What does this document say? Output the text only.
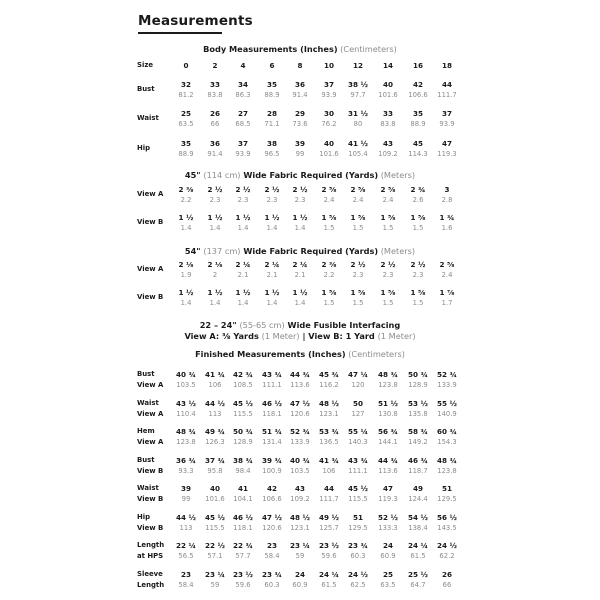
Measurements
Body Measurements (Inches) (Centimeters)
45" (114 cm) Wide Fabric Required (Yards) (Meters)
54" (137 cm) Wide Fabric Required (Yards) (Meters)
22 – 24" (55-65 cm) Wide Fusible Interfacing
View A: ⅜ Yards (1 Meter) | View B: 1 Yard (1 Meter)
Finished Measurements (Inches) (Centimeters)
Size	0	2	4	6	8	10	12	14	16	18
Bust	32	33	34	35	36	37	38 ½	40	42	44
81.2	83.8	86.3	88.9	91.4	93.9	97.7	101.6	106.6	111.7
Waist	25	26	27	28	29	30	31 ½	33	35	37
63.5	66	68.5	71.1	73.6	76.2	80	83.8	88.9	93.9
Hip	35	36	37	38	39	40	41 ½	43	45	47
88.9	91.4	93.9	96.5	99	101.6	105.4	109.2	114.3	119.3
View A	2 ⅜	2 ½	2 ½	2 ½	2 ½	2 ⅝	2 ⅝	2 ⅝	2 ¾	3
2.2	2.3	2.3	2.3	2.3	2.4	2.4	2.4	2.6	2.8
View B	1 ½	1 ½	1 ½	1 ½	1 ½	1 ⅝	1 ⅝	1 ⅝	1 ⅝	1 ¾
1.4	1.4	1.4	1.4	1.4	1.5	1.5	1.5	1.5	1.6
View A	2 ⅛	2 ⅛	2 ¼	2 ¼	2 ¼	2 ⅜	2 ½	2 ½	2 ½	2 ⅝
1.9	2	2.1	2.1	2.1	2.2	2.3	2.3	2.3	2.4
View B	1 ½	1 ½	1 ½	1 ½	1 ½	1 ⅝	1 ⅝	1 ⅝	1 ⅝	1 ⅞
1.4	1.4	1.4	1.4	1.4	1.5	1.5	1.5	1.5	1.7
Bust
View A
40 ¾	41 ¾	42 ¾	43 ¾	44 ¾	45 ¾	47 ¼	48 ¾	50 ¾	52 ¾
103.5	106	108.5	111.1	113.6	116.2	120	123.8	128.9	133.9
Waist
View A
43 ½	44 ½	45 ½	46 ½	47 ½	48 ½	50	51 ½	53 ½	55 ½
110.4	113	115.5	118.1	120.6	123.1	127	130.8	135.8	140.9
Hem
View A
48 ¾	49 ¾	50 ¾	51 ¾	52 ¾	53 ¾	55 ¼	56 ¾	58 ¾	60 ¾
123.8	126.3	128.9	131.4	133.9	136.5	140.3	144.1	149.2	154.3
Bust
View B
36 ¾	37 ¾	38 ¾	39 ¾	40 ¾	41 ¾	43 ¾	44 ¾	46 ¾	48 ¾
93.3	95.8	98.4	100.9	103.5	106	111.1	113.6	118.7	123.8
Waist
View B
39	40	41	42	43	44	45 ½	47	49	51
99	101.6	104.1	106.6	109.2	111.7	115.5	119.3	124.4	129.5
Hip
View B
44 ½	45 ½	46 ½	47 ½	48 ½	49 ½	51	52 ½	54 ½	56 ½
113	115.5	118.1	120.6	123.1	125.7	129.5	133.3	138.4	143.5
Length
at HPS
22 ¼	22 ½	22 ¾	23	23 ¼	23 ½	23 ¾	24	24 ¼	24 ½
56.5	57.1	57.7	58.4	59	59.6	60.3	60.9	61.5	62.2
Sleeve
Length
23	23 ¼	23 ½	23 ¾	24	24 ¼	24 ½	25	25 ½	26
58.4	59	59.6	60.3	60.9	61.5	62.5	63.5	64.7	66
